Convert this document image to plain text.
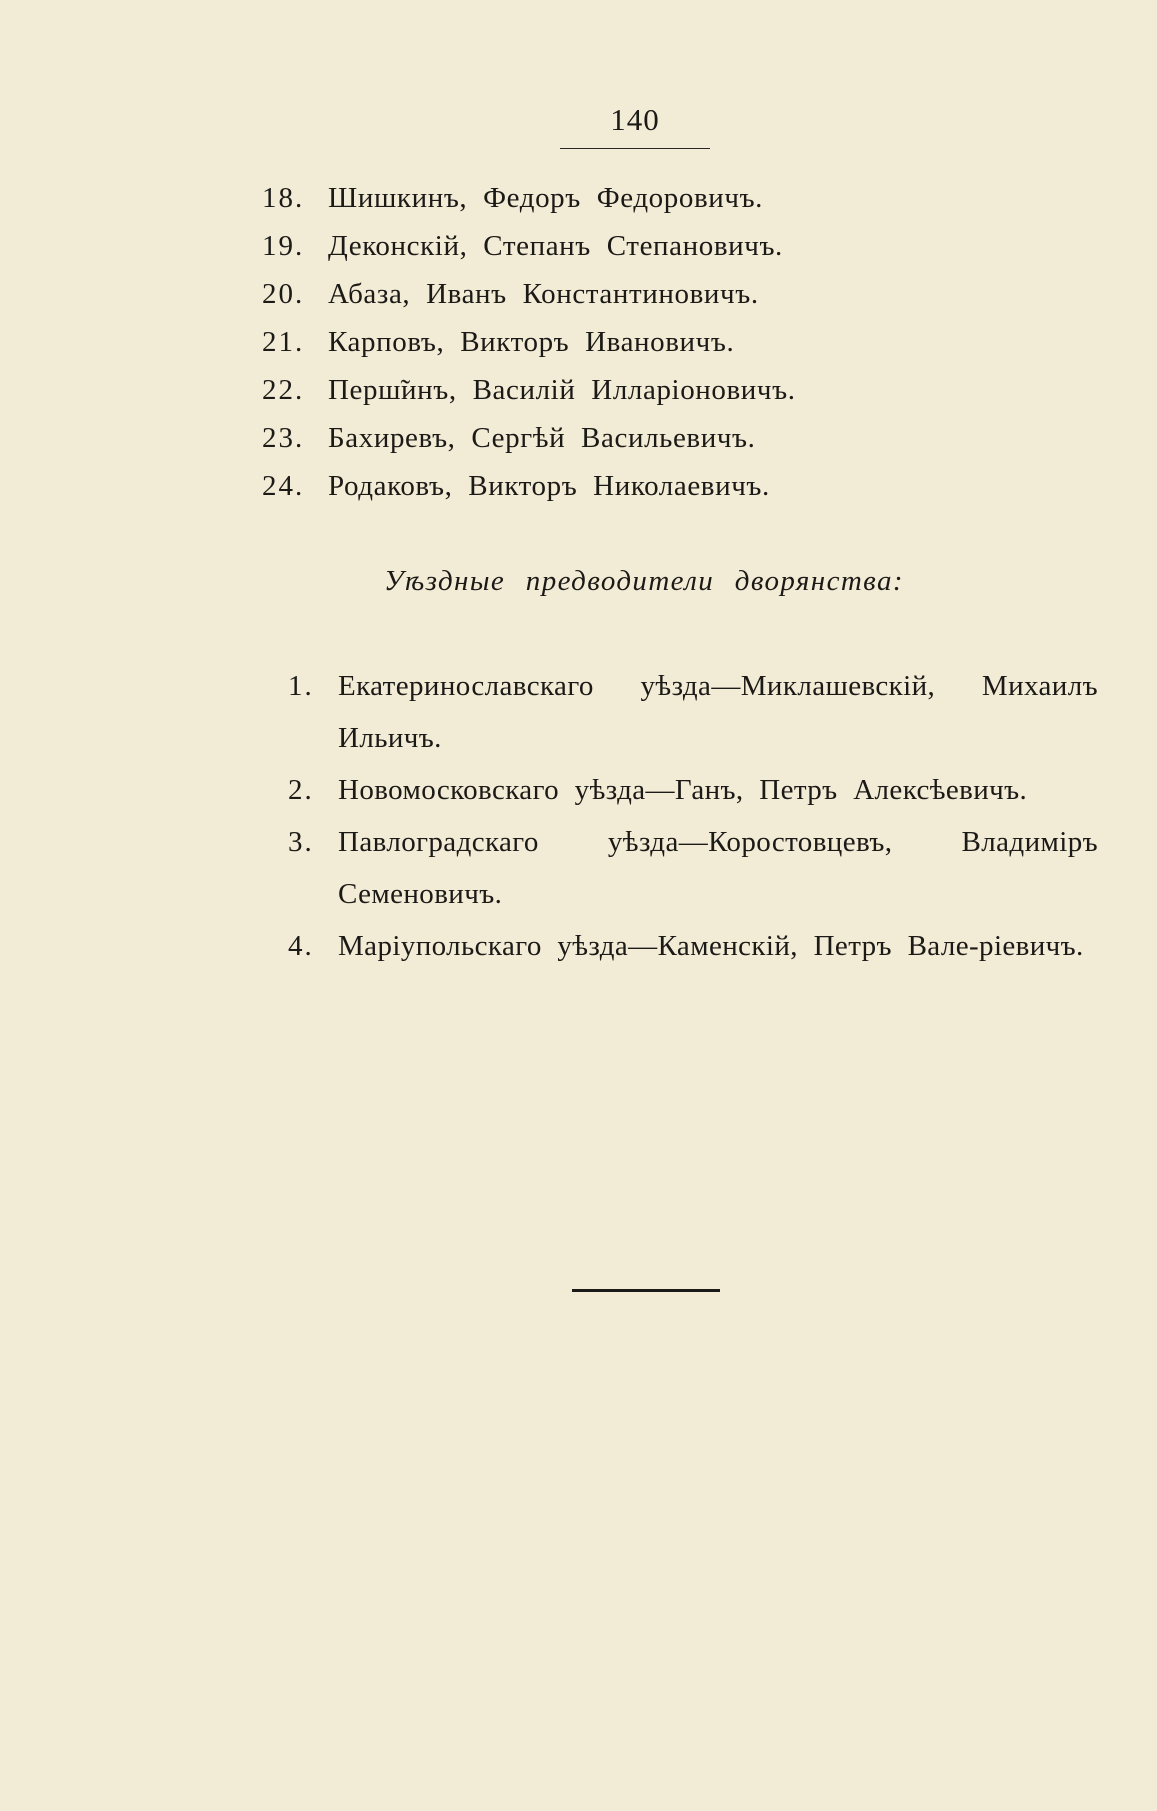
140
18. Шишкинъ, Федоръ Федоровичъ.
19. Деконскій, Степанъ Степановичъ.
20. Абаза, Иванъ Константиновичъ.
21. Карповъ, Викторъ Ивановичъ.
22. Перш̃инъ, Василій Илларіоновичъ.
23. Бахиревъ, Сергѣй Васильевичъ.
24. Родаковъ, Викторъ Николаевичъ.
Уѣздные предводители дворянства:
1. Екатеринославскаго уѣзда—Миклашевскій, Михаилъ Ильичъ.
2. Новомосковскаго уѣзда—Ганъ, Петръ Алексѣевичъ.
3. Павлоградскаго уѣзда—Коростовцевъ, Владиміръ Семеновичъ.
4. Маріупольскаго уѣзда—Каменскій, Петръ Вале-ріевичъ.
